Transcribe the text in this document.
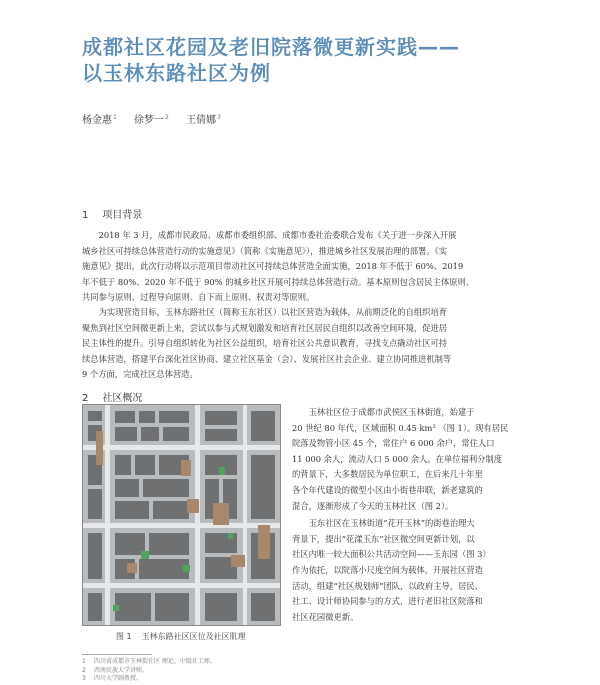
成都社区花园及老旧院落微更新实践——
以玉林东路社区为例
杨金惠$^1$ 徐梦一$^2$ 王倩娜$^3$
1 项目背景
　　2018 年 3 月，成都市民政局、成都市委组织部、成都市委社治委联合发布《关于进一步深入开展
城乡社区可持续总体营造行动的实施意见》（简称《实施意见》），推进城乡社区发展治理的部署。《实
施意见》提出，此次行动将以示范项目带动社区可持续总体营造全面实施，2018 年不低于 60%、2019
年不低于 80%、2020 年不低于 90% 的城乡社区开展可持续总体营造行动。基本原则包含居民主体原则、
共同参与原则、过程导向原则、自下而上原则、权责对等原则。
　　为实现营造目标，玉林东路社区（简称玉东社区）以社区营造为载体，从前期泛化的自组织培育
聚焦到社区空间微更新上来，尝试以参与式规划激发和培育社区居民自组织以改善空间环境，促进居
民主体性的提升。引导自组织转化为社区公益组织，培育社区公共意识教育，寻找支点撬动社区可持
续总体营造，搭建平台深化社区协商、建立社区基金（会）、发展社区社会企业、建立协同推进机制等
9 个方面，完成社区总体营造。
2 社区概况
图 1 玉林东路社区区位及社区肌理
　　玉林社区位于成都市武侯区玉林街道，始建于
20 世纪 80 年代，区域面积 0.45 km² （图 1）。现有居民
院落及物管小区 45 个，常住户 6 000 余户，常住人口
11 000 余人，流动人口 5 000 余人。在单位福利分制度
的背景下，大多数居民为单位职工，在后来几十年里
各个年代建设的微型小区由小街巷串联，新老建筑的
混合，逐渐形成了今天的玉林社区（图 2）。
　　玉东社区在玉林街道“花开玉林”的街巷治理大
背景下，提出“花漾玉东”社区微空间更新计划，以
社区内唯一较大面积公共活动空间——玉东园（图 3）
作为依托，以院落小尺度空间为载体，开展社区营造
活动，组建“社区规划师”团队，以政府主导，居民、
社工、设计师协同参与的方式，进行老旧社区院落和
社区花园微更新。
1 四川省成都市玉林街社区 理论，中级社工师。
2 西南民族大学讲师。
3 四川大学副教授。
